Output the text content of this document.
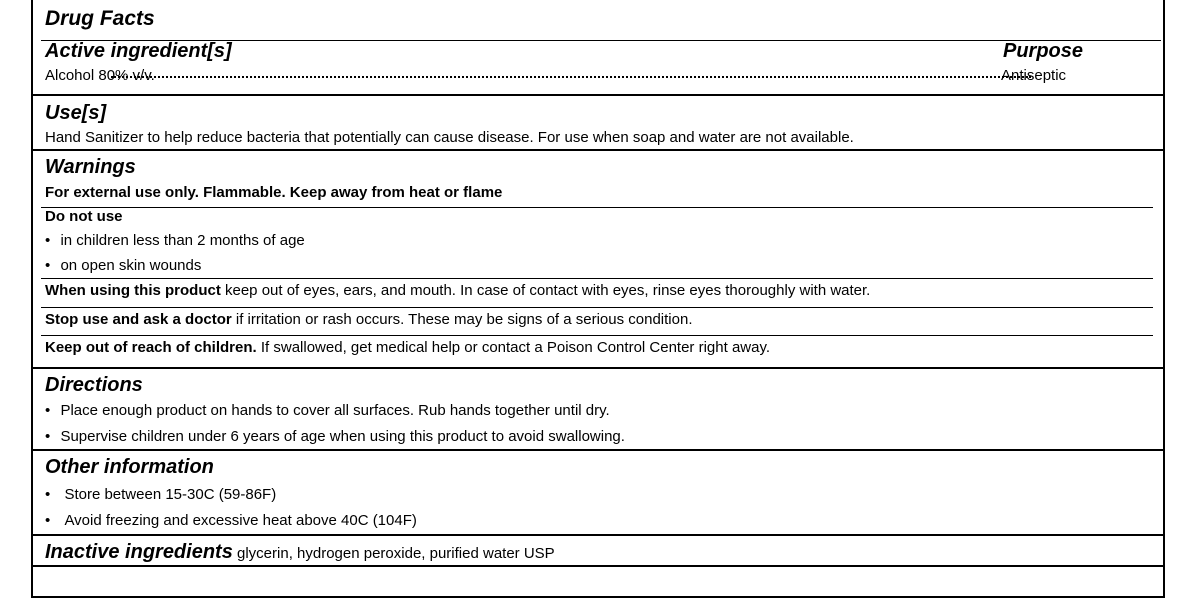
Drug Facts
Active ingredient[s]	Purpose
Alcohol 80% v/v.	Antiseptic
Use[s]
Hand Sanitizer to help reduce bacteria that potentially can cause disease. For use when soap and water are not available.
Warnings
For external use only. Flammable. Keep away from heat or flame
Do not use
• in children less than 2 months of age
• on open skin wounds
When using this product keep out of eyes, ears, and mouth. In case of contact with eyes, rinse eyes thoroughly with water.
Stop use and ask a doctor if irritation or rash occurs. These may be signs of a serious condition.
Keep out of reach of children. If swallowed, get medical help or contact a Poison Control Center right away.
Directions
• Place enough product on hands to cover all surfaces. Rub hands together until dry.
• Supervise children under 6 years of age when using this product to avoid swallowing.
Other information
• Store between 15-30C (59-86F)
• Avoid freezing and excessive heat above 40C (104F)
Inactive ingredients glycerin, hydrogen peroxide, purified water USP
